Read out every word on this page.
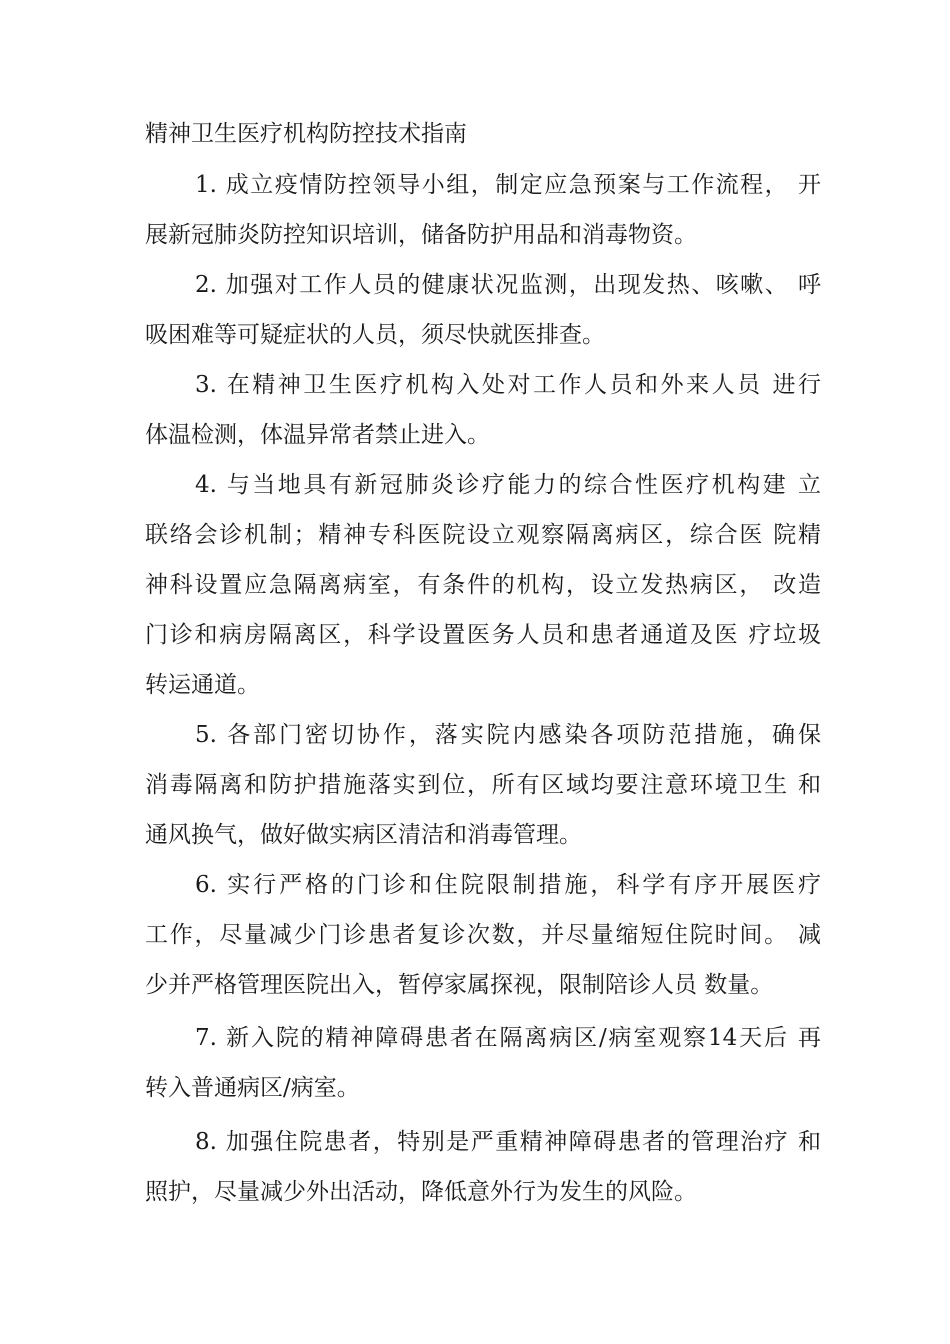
精神卫生医疗机构防控技术指南
1. 成立疫情防控领导小组，制定应急预案与工作流程， 开
展新冠肺炎防控知识培训，储备防护用品和消毒物资。
2. 加强对工作人员的健康状况监测，出现发热、咳嗽、 呼
吸困难等可疑症状的人员，须尽快就医排查。
3. 在精神卫生医疗机构入处对工作人员和外来人员 进行
体温检测，体温异常者禁止进入。
4. 与当地具有新冠肺炎诊疗能力的综合性医疗机构建 立
联络会诊机制；精神专科医院设立观察隔离病区，综合医 院精
神科设置应急隔离病室，有条件的机构，设立发热病区， 改造
门诊和病房隔离区，科学设置医务人员和患者通道及医 疗垃圾
转运通道。
5. 各部门密切协作，落实院内感染各项防范措施，确保
消毒隔离和防护措施落实到位，所有区域均要注意环境卫生 和
通风换气，做好做实病区清洁和消毒管理。
6. 实行严格的门诊和住院限制措施，科学有序开展医疗
工作，尽量减少门诊患者复诊次数，并尽量缩短住院时间。 减
少并严格管理医院出入，暂停家属探视，限制陪诊人员 数量。
7. 新入院的精神障碍患者在隔离病区/病室观察14天后 再
转入普通病区/病室。
8. 加强住院患者，特别是严重精神障碍患者的管理治疗 和
照护，尽量减少外出活动，降低意外行为发生的风险。
